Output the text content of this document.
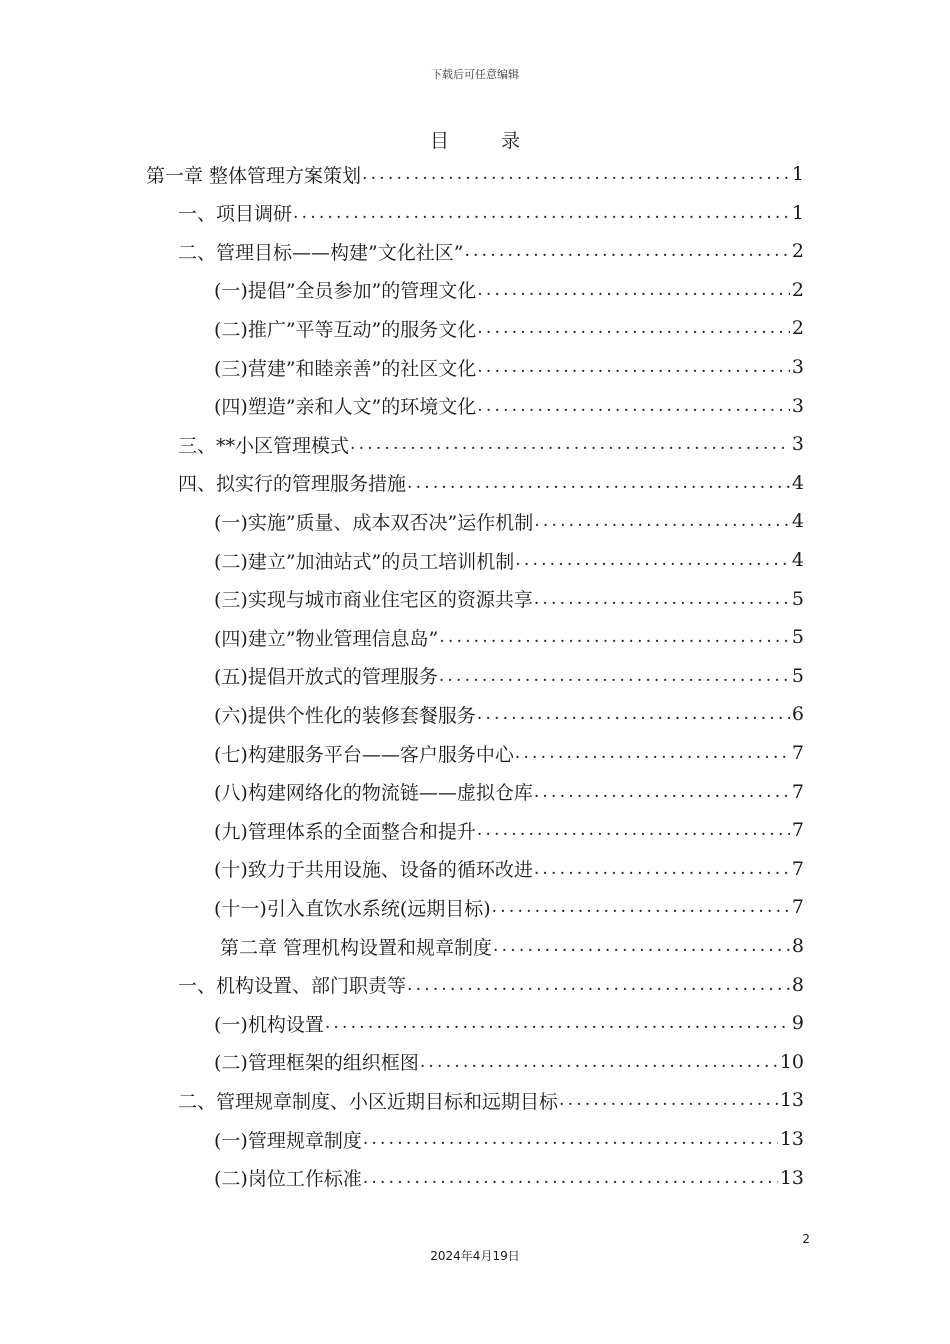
下载后可任意编辑
目	录
第一章 整体管理方案策划 .....	1
一、项目调研 .....	1
二、管理目标——构建”文化社区” .....	2
(一)提倡”全员参加”的管理文化 .....	2
(二)推广”平等互动”的服务文化 .....	2
(三)营建”和睦亲善”的社区文化 .....	3
(四)塑造”亲和人文”的环境文化 .....	3
三、**小区管理模式 .....	3
四、拟实行的管理服务措施 .....	4
(一)实施”质量、成本双否决”运作机制 .....	4
(二)建立”加油站式”的员工培训机制 .....	4
(三)实现与城市商业住宅区的资源共享 .....	5
(四)建立”物业管理信息岛” .....	5
(五)提倡开放式的管理服务 .....	5
(六)提供个性化的装修套餐服务 .....	6
(七)构建服务平台——客户服务中心 .....	7
(八)构建网络化的物流链——虚拟仓库 .....	7
(九)管理体系的全面整合和提升 .....	7
(十)致力于共用设施、设备的循环改进 .....	7
(十一)引入直饮水系统(远期目标) .....	7
第二章 管理机构设置和规章制度 .....	8
一、机构设置、部门职责等 .....	8
(一)机构设置 .....	9
(二)管理框架的组织框图 .....	10
二、管理规章制度、小区近期目标和远期目标 .....	13
(一)管理规章制度 .....	13
(二)岗位工作标准 .....	13
2
2024年4月19日
